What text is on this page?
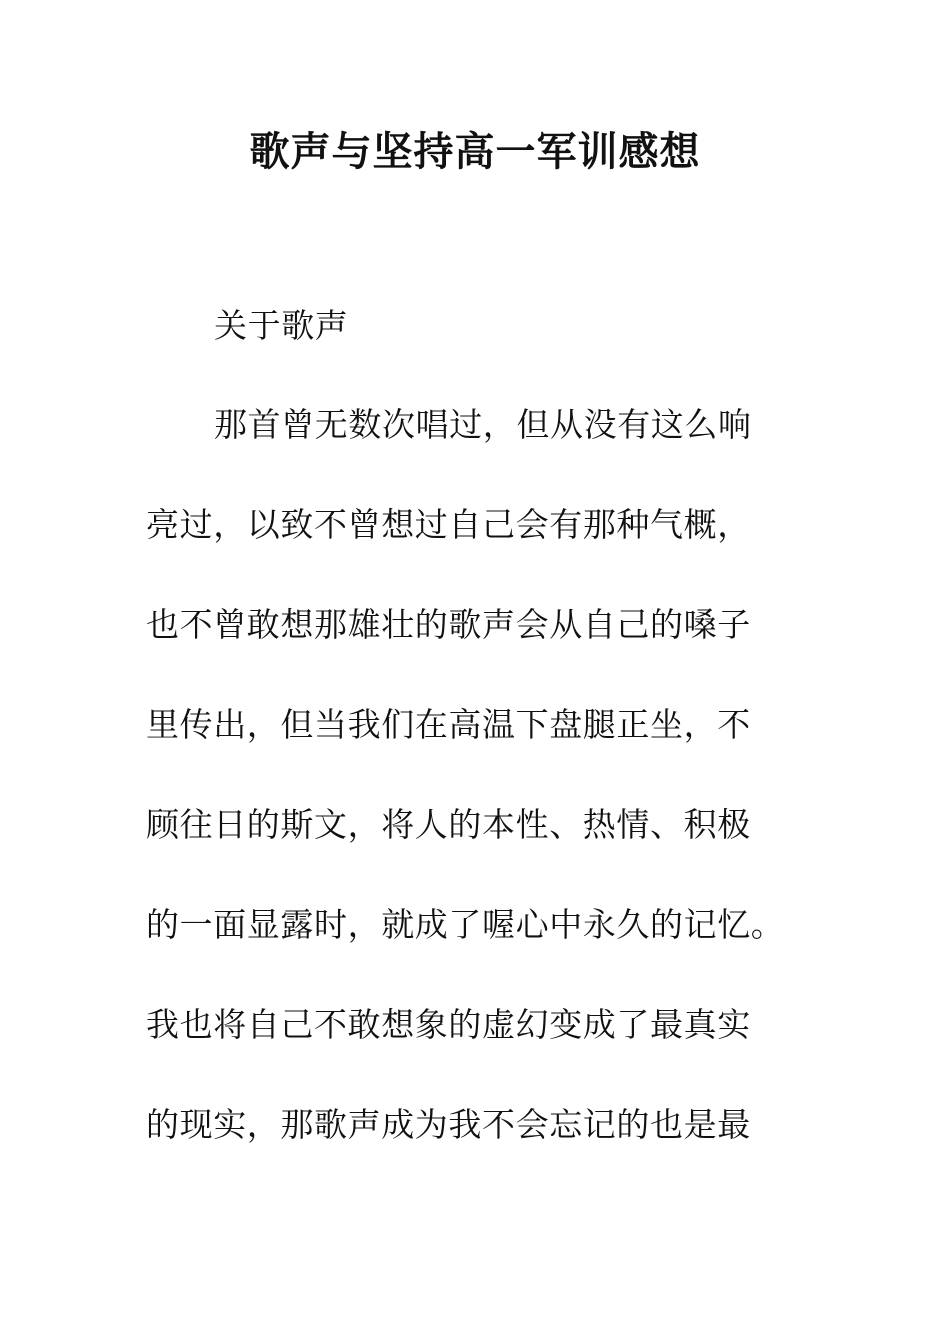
歌声与坚持高一军训感想
关于歌声
那首曾无数次唱过，但从没有这么响
亮过，以致不曾想过自己会有那种气概，
也不曾敢想那雄壮的歌声会从自己的嗓子
里传出，但当我们在高温下盘腿正坐，不
顾往日的斯文，将人的本性、热情、积极
的一面显露时，就成了喔心中永久的记忆。
我也将自己不敢想象的虚幻变成了最真实
的现实，那歌声成为我不会忘记的也是最
